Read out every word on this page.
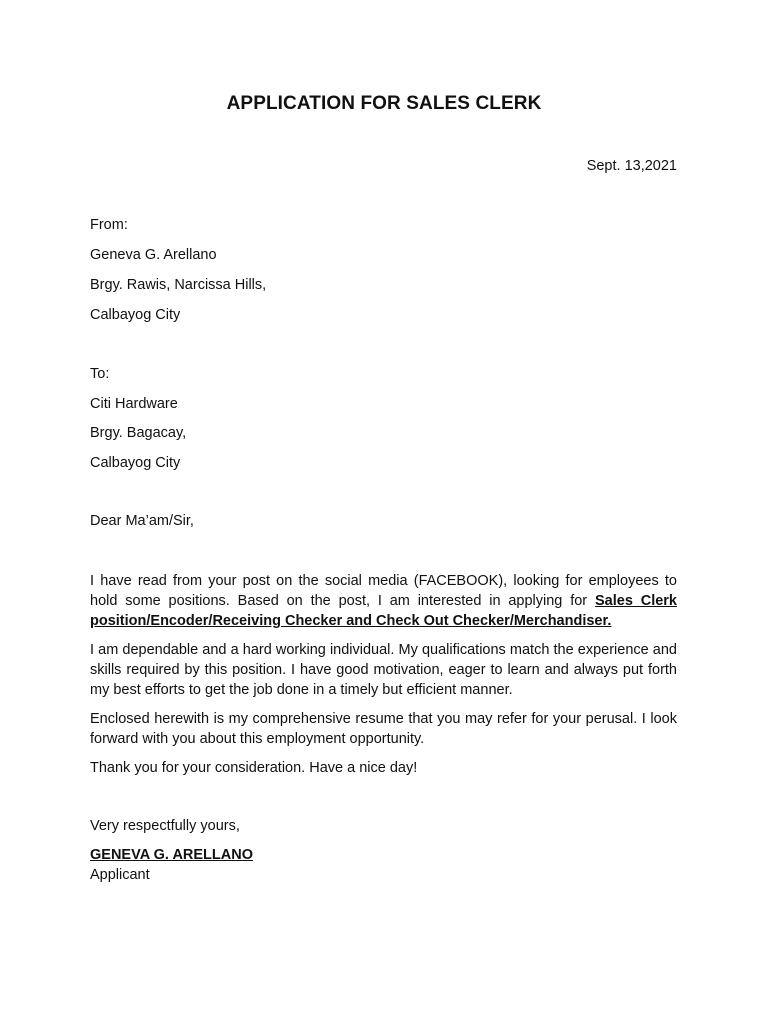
APPLICATION FOR SALES CLERK
Sept. 13,2021
From:
Geneva G. Arellano
Brgy. Rawis, Narcissa Hills,
Calbayog City
To:
Citi Hardware
Brgy. Bagacay,
Calbayog City
Dear Ma’am/Sir,
I have read from your post on the social media (FACEBOOK), looking for employees to hold some positions. Based on the post, I am interested in applying for Sales Clerk position/Encoder/Receiving Checker and Check Out Checker/Merchandiser.
I am dependable and a hard working individual. My qualifications match the experience and skills required by this position. I have good motivation, eager to learn and always put forth my best efforts to get the job done in a timely but efficient manner.
Enclosed herewith is my comprehensive resume that you may refer for your perusal. I look forward with you about this employment opportunity.
Thank you for your consideration. Have a nice day!
Very respectfully yours,
GENEVA G. ARELLANO
Applicant
